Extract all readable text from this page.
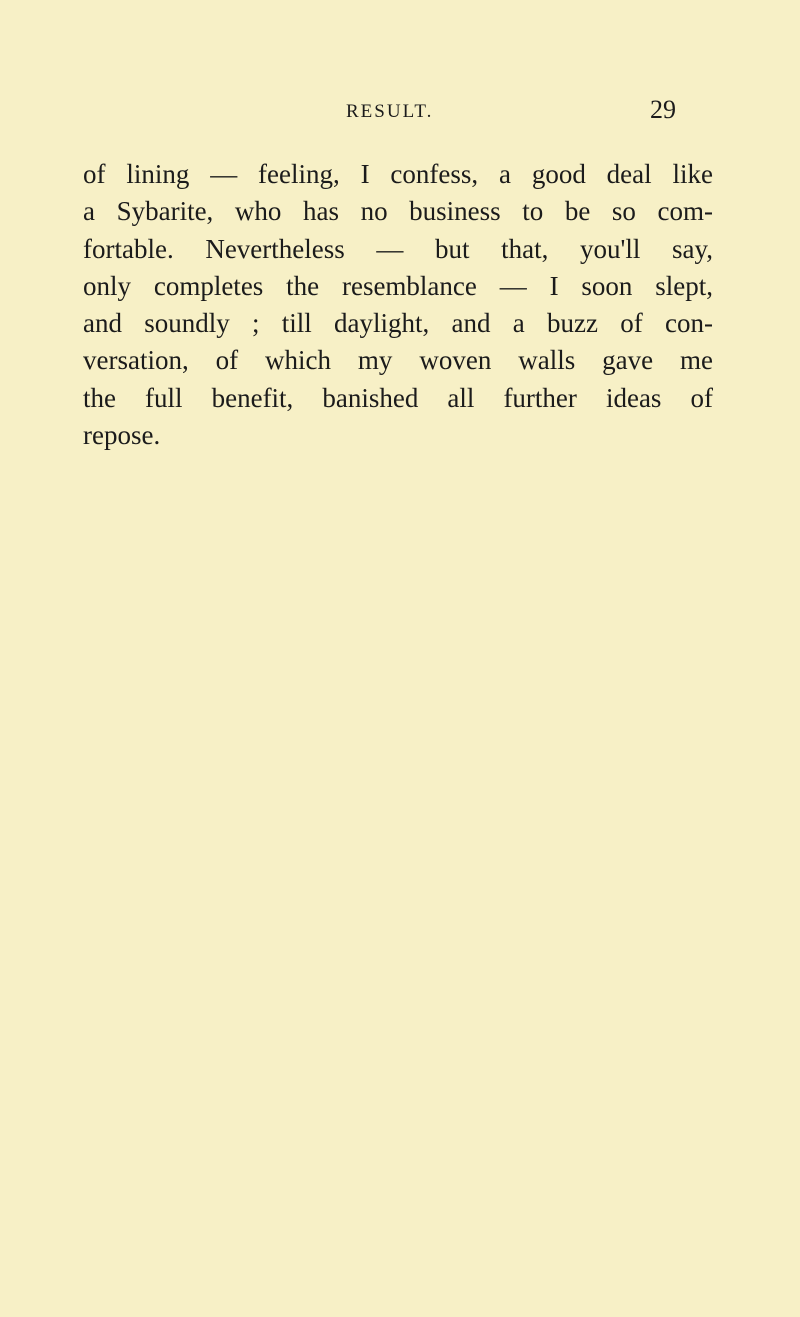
RESULT.	29
of lining — feeling, I confess, a good deal like
a Sybarite, who has no business to be so com-
fortable. Nevertheless — but that, you'll say,
only completes the resemblance — I soon slept,
and soundly ; till daylight, and a buzz of con-
versation, of which my woven walls gave me
the full benefit, banished all further ideas of
repose.
